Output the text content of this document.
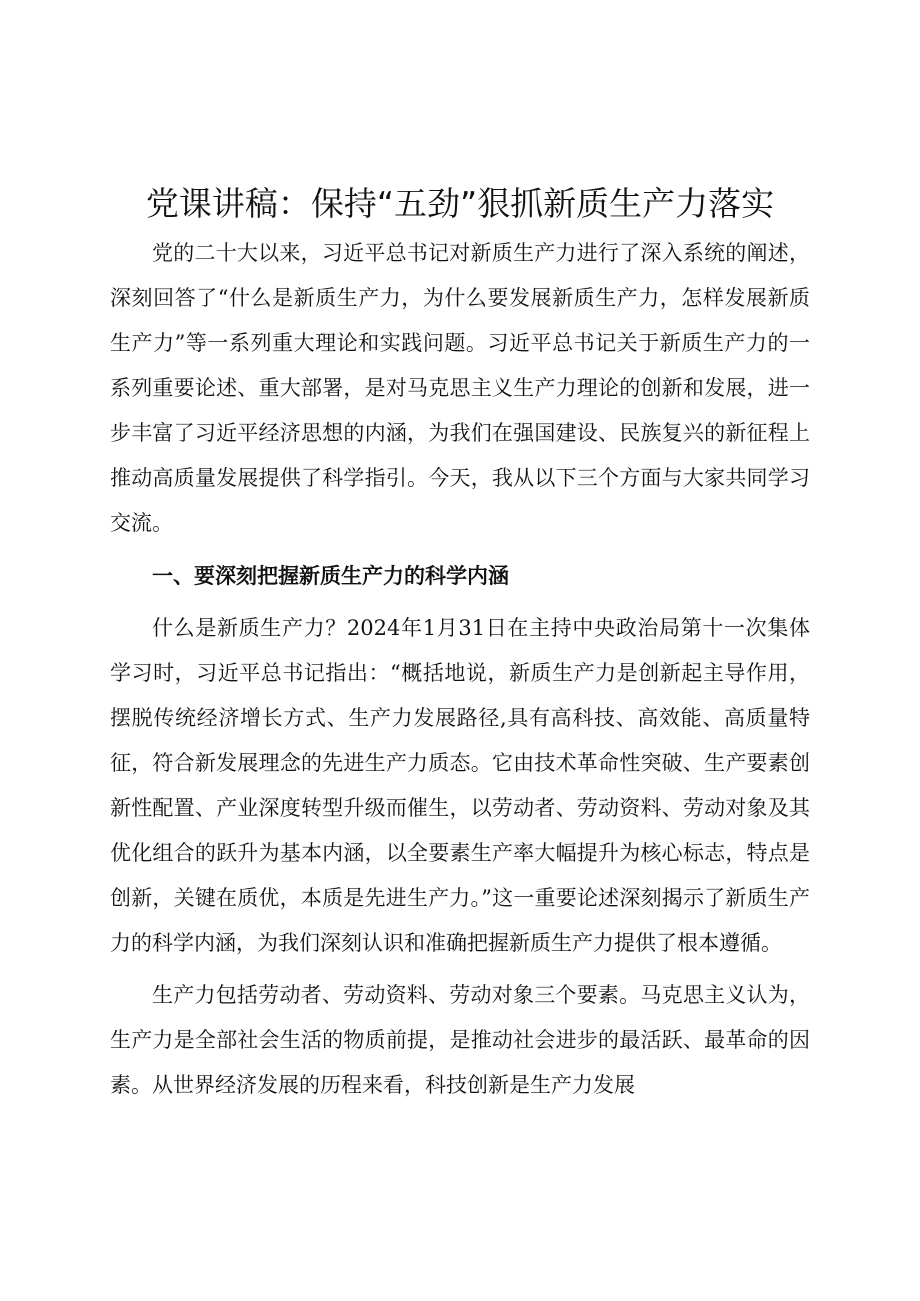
党课讲稿：保持“五劲”狠抓新质生产力落实

党的二十大以来，习近平总书记对新质生产力进行了深入系统的阐述，深刻回答了“什么是新质生产力，为什么要发展新质生产力，怎样发展新质生产力”等一系列重大理论和实践问题。习近平总书记关于新质生产力的一系列重要论述、重大部署，是对马克思主义生产力理论的创新和发展，进一步丰富了习近平经济思想的内涵，为我们在强国建设、民族复兴的新征程上推动高质量发展提供了科学指引。今天，我从以下三个方面与大家共同学习交流。

一、要深刻把握新质生产力的科学内涵

什么是新质生产力？2024年1月31日在主持中央政治局第十一次集体学习时，习近平总书记指出：“概括地说，新质生产力是创新起主导作用，摆脱传统经济增长方式、生产力发展路径,具有高科技、高效能、高质量特征，符合新发展理念的先进生产力质态。它由技术革命性突破、生产要素创新性配置、产业深度转型升级而催生，以劳动者、劳动资料、劳动对象及其优化组合的跃升为基本内涵，以全要素生产率大幅提升为核心标志，特点是创新，关键在质优，本质是先进生产力。”这一重要论述深刻揭示了新质生产力的科学内涵，为我们深刻认识和准确把握新质生产力提供了根本遵循。

生产力包括劳动者、劳动资料、劳动对象三个要素。马克思主义认为，生产力是全部社会生活的物质前提，是推动社会进步的最活跃、最革命的因素。从世界经济发展的历程来看，科技创新是生产力发展
